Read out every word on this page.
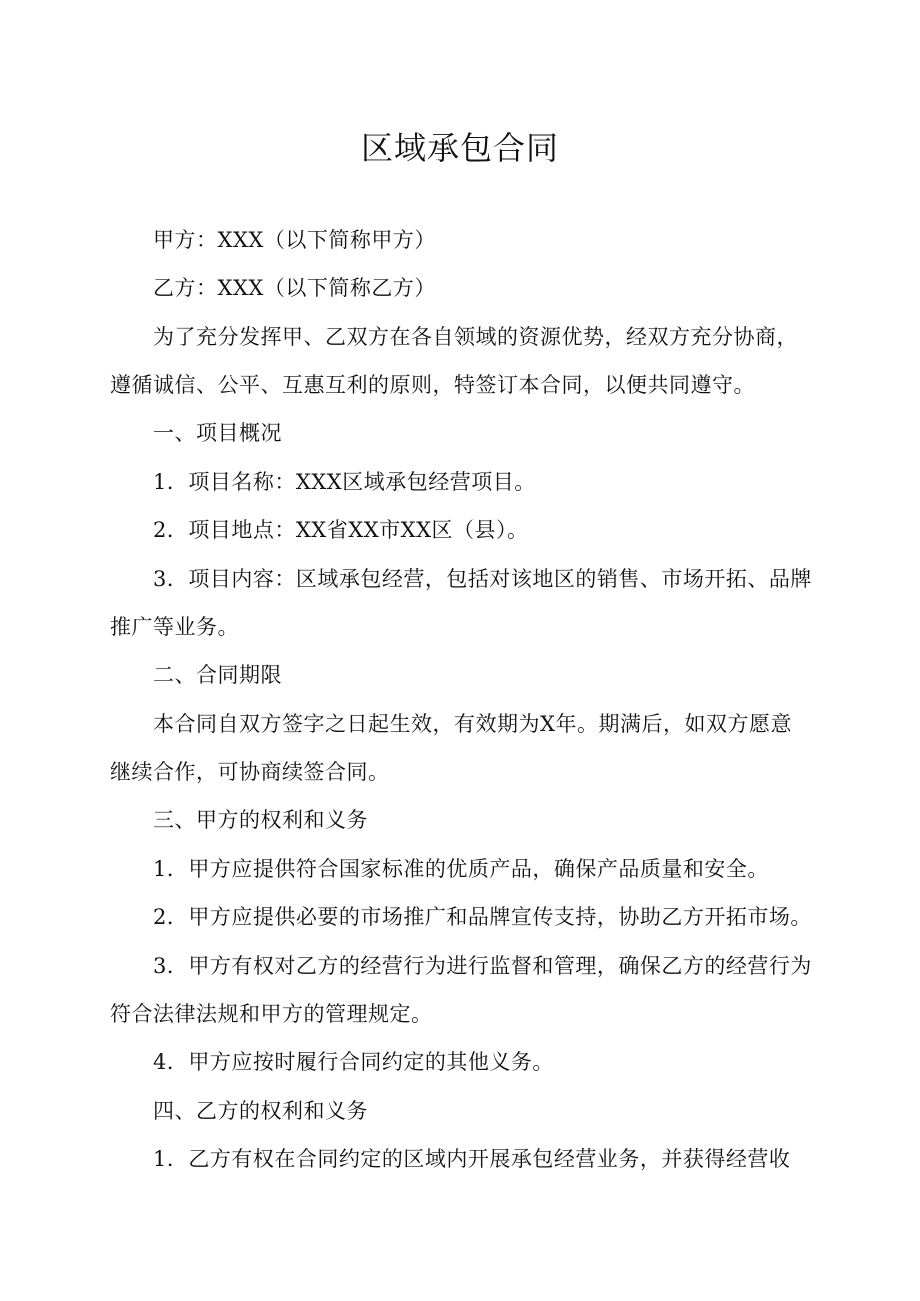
区域承包合同
甲方：XXX（以下简称甲方）
乙方：XXX（以下简称乙方）
为了充分发挥甲、乙双方在各自领域的资源优势，经双方充分协商，
遵循诚信、公平、互惠互利的原则，特签订本合同，以便共同遵守。
一、项目概况
1．项目名称：XXX区域承包经营项目。
2．项目地点：XX省XX市XX区（县）。
3．项目内容：区域承包经营，包括对该地区的销售、市场开拓、品牌
推广等业务。
二、合同期限
本合同自双方签字之日起生效，有效期为X年。期满后，如双方愿意
继续合作，可协商续签合同。
三、甲方的权利和义务
1．甲方应提供符合国家标准的优质产品，确保产品质量和安全。
2．甲方应提供必要的市场推广和品牌宣传支持，协助乙方开拓市场。
3．甲方有权对乙方的经营行为进行监督和管理，确保乙方的经营行为
符合法律法规和甲方的管理规定。
4．甲方应按时履行合同约定的其他义务。
四、乙方的权利和义务
1．乙方有权在合同约定的区域内开展承包经营业务，并获得经营收
